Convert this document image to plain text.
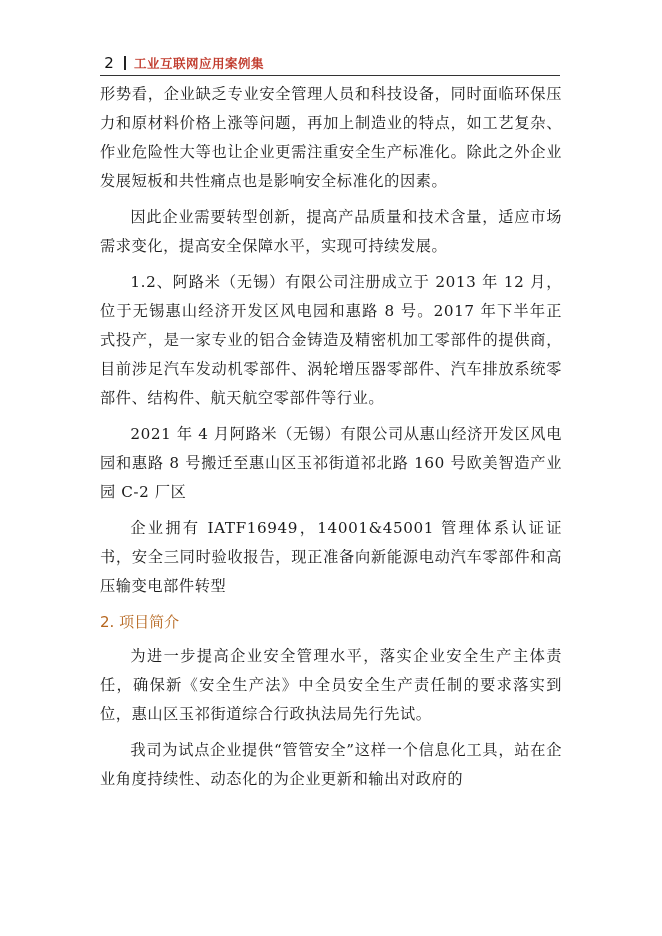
2	工业互联网应用案例集

形势看，企业缺乏专业安全管理人员和科技设备，同时面临环保压力和原材料价格上涨等问题，再加上制造业的特点，如工艺复杂、作业危险性大等也让企业更需注重安全生产标准化。除此之外企业发展短板和共性痛点也是影响安全标准化的因素。

因此企业需要转型创新，提高产品质量和技术含量，适应市场需求变化，提高安全保障水平，实现可持续发展。

1.2、阿路米（无锡）有限公司注册成立于 2013 年 12 月，位于无锡惠山经济开发区风电园和惠路 8 号。2017 年下半年正式投产，是一家专业的铝合金铸造及精密机加工零部件的提供商，目前涉足汽车发动机零部件、涡轮增压器零部件、汽车排放系统零部件、结构件、航天航空零部件等行业。

2021 年 4 月阿路米（无锡）有限公司从惠山经济开发区风电园和惠路 8 号搬迁至惠山区玉祁街道祁北路 160 号欧美智造产业园 C-2 厂区

企业拥有 IATF16949，14001&45001 管理体系认证证书，安全三同时验收报告，现正准备向新能源电动汽车零部件和高压输变电部件转型

2. 项目简介

为进一步提高企业安全管理水平，落实企业安全生产主体责任，确保新《安全生产法》中全员安全生产责任制的要求落实到位，惠山区玉祁街道综合行政执法局先行先试。

我司为试点企业提供“管管安全”这样一个信息化工具，站在企业角度持续性、动态化的为企业更新和输出对政府的
